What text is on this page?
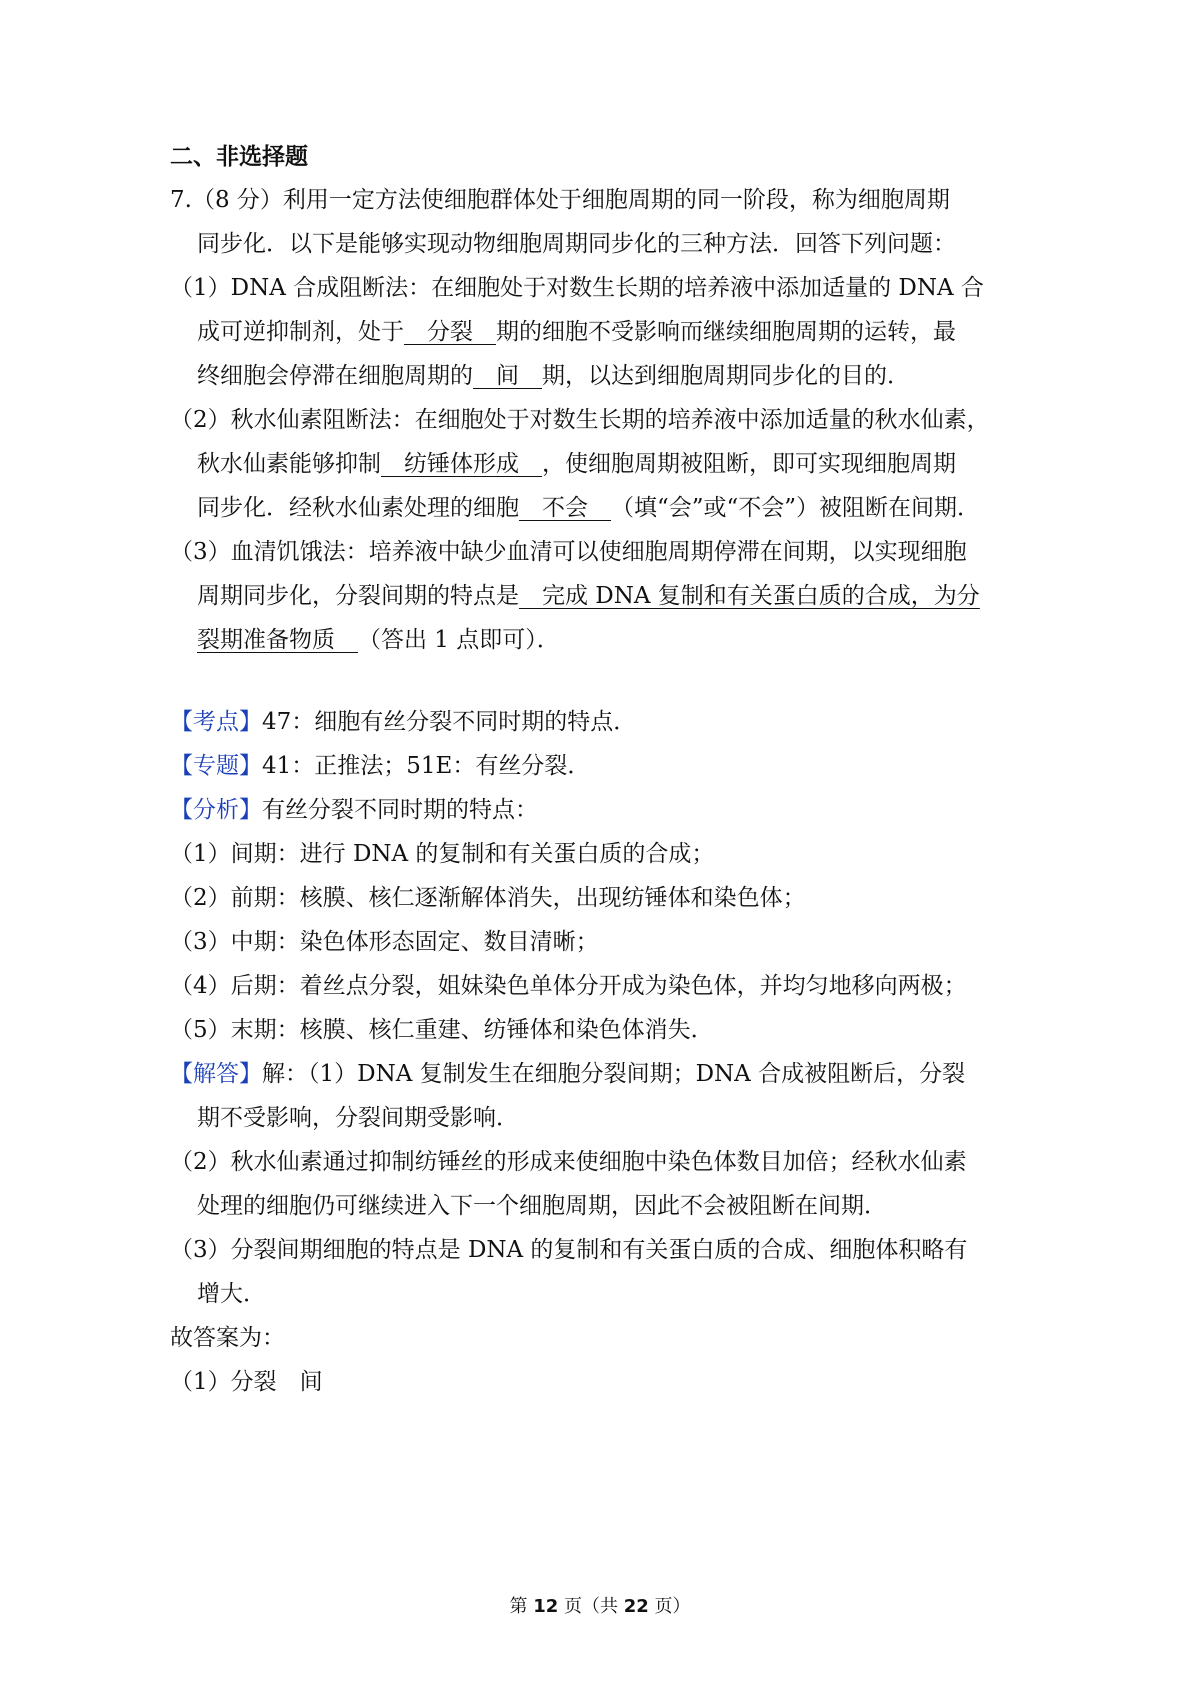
二、非选择题
7.（8 分）利用一定方法使细胞群体处于细胞周期的同一阶段，称为细胞周期
同步化．以下是能够实现动物细胞周期同步化的三种方法．回答下列问题：
（1）DNA 合成阻断法：在细胞处于对数生长期的培养液中添加适量的 DNA 合
成可逆抑制剂，处于   分裂   期的细胞不受影响而继续细胞周期的运转，最
终细胞会停滞在细胞周期的   间   期，以达到细胞周期同步化的目的．
（2）秋水仙素阻断法：在细胞处于对数生长期的培养液中添加适量的秋水仙素，
秋水仙素能够抑制   纺锤体形成   ，使细胞周期被阻断，即可实现细胞周期
同步化．经秋水仙素处理的细胞   不会   （填“会”或“不会”）被阻断在间期．
（3）血清饥饿法：培养液中缺少血清可以使细胞周期停滞在间期，以实现细胞
周期同步化，分裂间期的特点是   完成 DNA 复制和有关蛋白质的合成，为分
裂期准备物质   （答出 1 点即可）．
【考点】47：细胞有丝分裂不同时期的特点．
【专题】41：正推法；51E：有丝分裂．
【分析】有丝分裂不同时期的特点：
（1）间期：进行 DNA 的复制和有关蛋白质的合成；
（2）前期：核膜、核仁逐渐解体消失，出现纺锤体和染色体；
（3）中期：染色体形态固定、数目清晰；
（4）后期：着丝点分裂，姐妹染色单体分开成为染色体，并均匀地移向两极；
（5）末期：核膜、核仁重建、纺锤体和染色体消失．
【解答】解：（1）DNA 复制发生在细胞分裂间期；DNA 合成被阻断后，分裂
期不受影响，分裂间期受影响．
（2）秋水仙素通过抑制纺锤丝的形成来使细胞中染色体数目加倍；经秋水仙素
处理的细胞仍可继续进入下一个细胞周期，因此不会被阻断在间期．
（3）分裂间期细胞的特点是 DNA 的复制和有关蛋白质的合成、细胞体积略有
增大．
故答案为：
（1）分裂　间
第 12 页（共 22 页）
